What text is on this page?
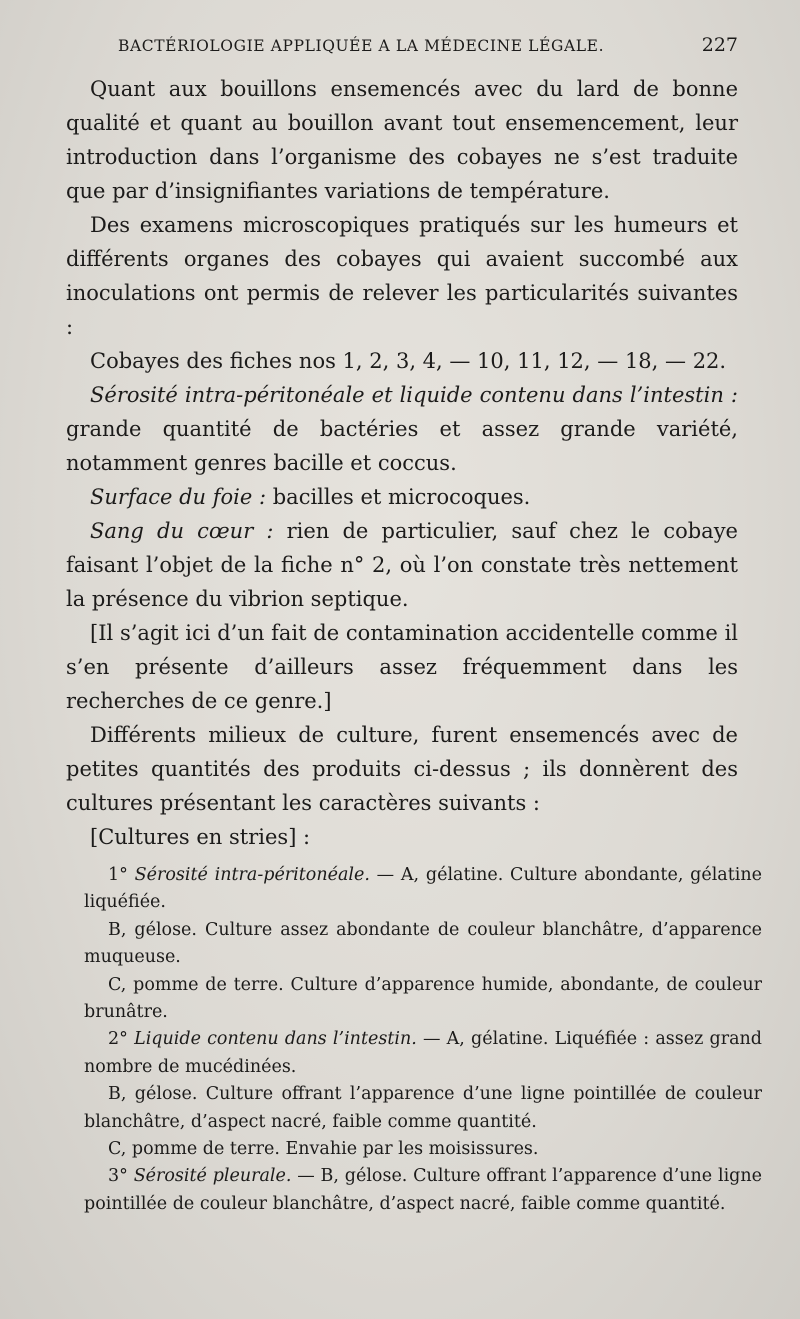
BACTÉRIOLOGIE APPLIQUÉE A LA MÉDECINE LÉGALE.	227

Quant aux bouillons ensemencés avec du lard de bonne qualité et quant au bouillon avant tout ensemencement, leur introduction dans l’organisme des cobayes ne s’est traduite que par d’insignifiantes variations de température.

Des examens microscopiques pratiqués sur les humeurs et différents organes des cobayes qui avaient succombé aux inoculations ont permis de relever les particularités suivantes :

Cobayes des fiches nos 1, 2, 3, 4, — 10, 11, 12, — 18, — 22.

Sérosité intra-péritonéale et liquide contenu dans l’intestin : grande quantité de bactéries et assez grande variété, notamment genres bacille et coccus.

Surface du foie : bacilles et microcoques.

Sang du cœur : rien de particulier, sauf chez le cobaye faisant l’objet de la fiche n° 2, où l’on constate très nettement la présence du vibrion septique.

[Il s’agit ici d’un fait de contamination accidentelle comme il s’en présente d’ailleurs assez fréquemment dans les recherches de ce genre.]

Différents milieux de culture, furent ensemencés avec de petites quantités des produits ci-dessus ; ils donnèrent des cultures présentant les caractères suivants :

[Cultures en stries] :

1° Sérosité intra-péritonéale. — A, gélatine. Culture abondante, gélatine liquéfiée.

B, gélose. Culture assez abondante de couleur blanchâtre, d’apparence muqueuse.

C, pomme de terre. Culture d’apparence humide, abondante, de couleur brunâtre.

2° Liquide contenu dans l’intestin. — A, gélatine. Liquéfiée : assez grand nombre de mucédinées.

B, gélose. Culture offrant l’apparence d’une ligne pointillée de couleur blanchâtre, d’aspect nacré, faible comme quantité.

C, pomme de terre. Envahie par les moisissures.

3° Sérosité pleurale. — B, gélose. Culture offrant l’apparence d’une ligne pointillée de couleur blanchâtre, d’aspect nacré, faible comme quantité.
